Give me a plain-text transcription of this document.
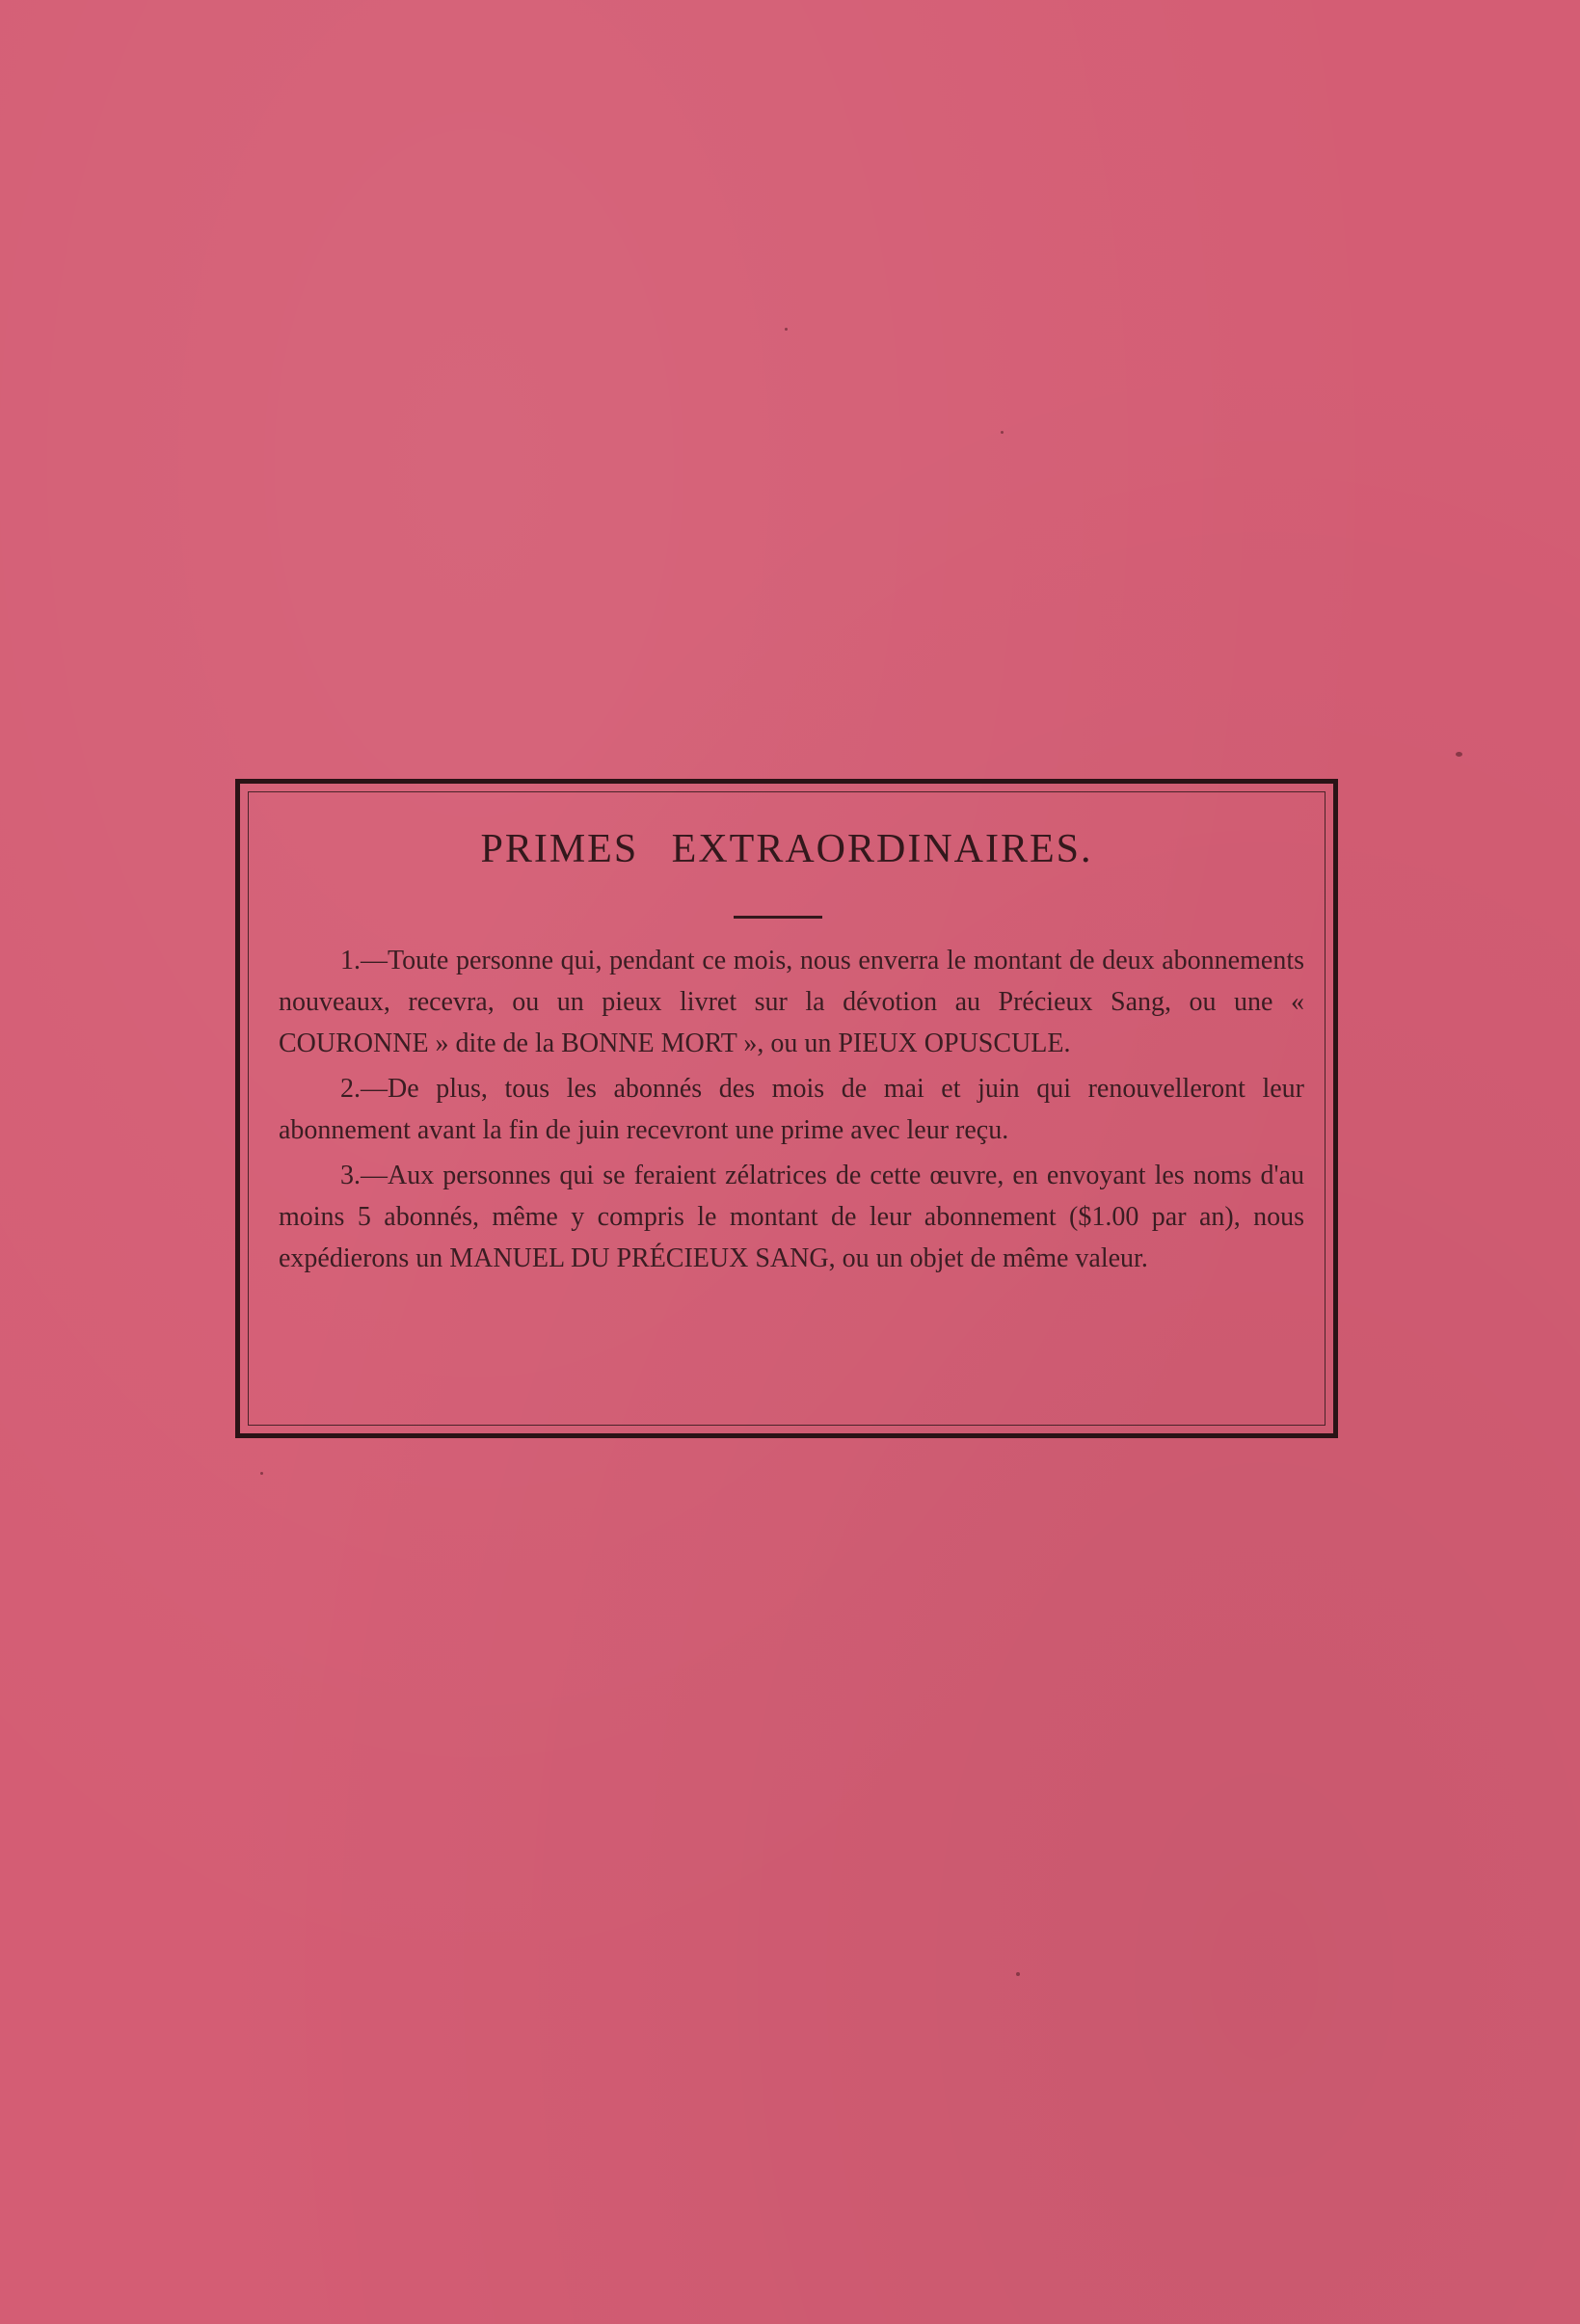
PRIMES EXTRAORDINAIRES.

1.—Toute personne qui, pendant ce mois, nous enverra le montant de deux abonnements nouveaux, recevra, ou un pieux livret sur la dévotion au Précieux Sang, ou une « COURONNE » dite de la BONNE MORT », ou un PIEUX OPUSCULE.

2.—De plus, tous les abonnés des mois de mai et juin qui renouvelleront leur abonnement avant la fin de juin recevront une prime avec leur reçu.

3.—Aux personnes qui se feraient zélatrices de cette œuvre, en envoyant les noms d'au moins 5 abonnés, même y compris le montant de leur abonnement ($1.00 par an), nous expédierons un MANUEL DU PRÉCIEUX SANG, ou un objet de même valeur.
